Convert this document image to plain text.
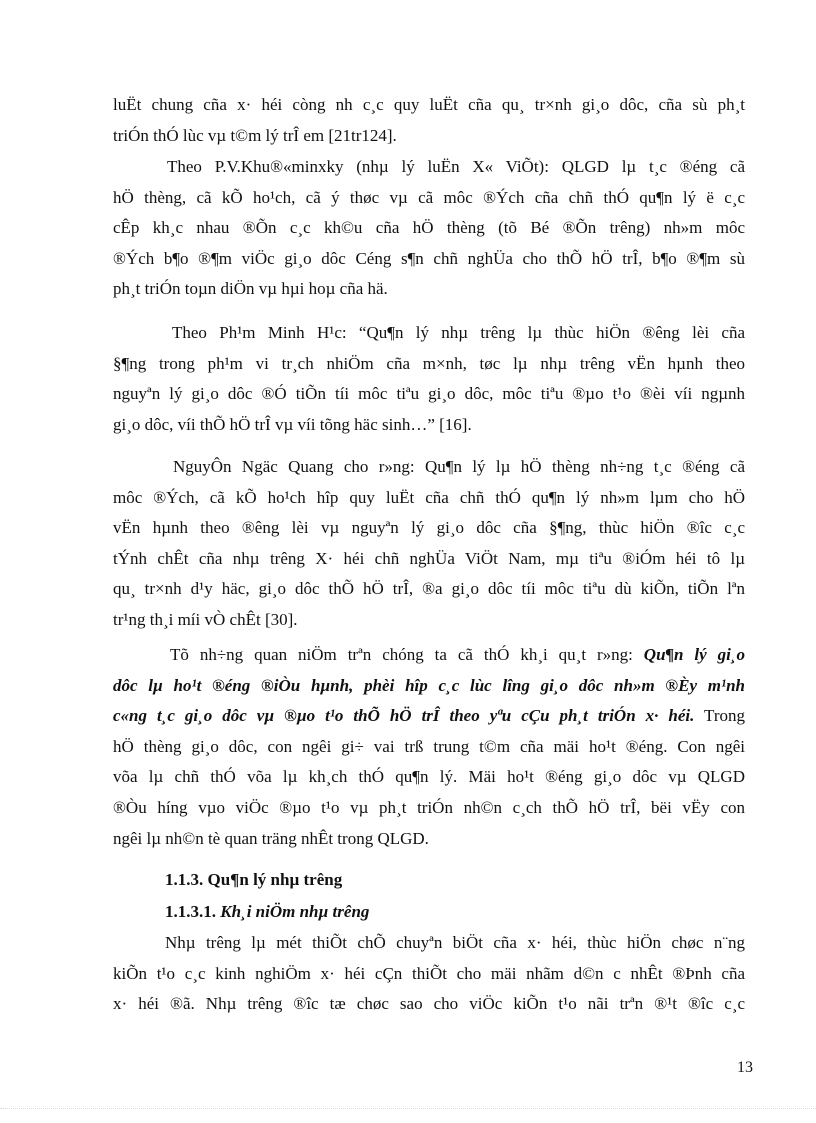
luËt chung cña x· héi còng nh c¸c quy luËt cña qu¸ tr×nh gi¸o dôc, cña sù ph¸t
triÓn thÓ lùc vµ t©m lý trÎ em [21tr124].
Theo P.V.Khu®«minxky (nhµ lý luËn X« ViÕt): QLGD lµ t¸c ®éng cã
hÖ thèng, cã kÕ ho¹ch, cã ý thøc vµ cã môc ®Ých cña chñ thÓ qu¶n lý ë c¸c
cÊp kh¸c nhau ®Õn c¸c kh©u cña hÖ thèng (tõ Bé ®Õn trêng) nh»m môc
®Ých b¶o ®¶m viÖc gi¸o dôc Céng s¶n chñ nghÜa cho thÕ hÖ trÎ, b¶o ®¶m sù
ph¸t triÓn toµn diÖn vµ hµi hoµ cña hä.
Theo Ph¹m Minh H¹c: “Qu¶n lý nhµ trêng lµ thùc hiÖn ®êng lèi cña
§¶ng trong ph¹m vi tr¸ch nhiÖm cña m×nh, tøc lµ nhµ trêng vËn hµnh theo
nguyªn lý gi¸o dôc ®Ó tiÕn tíi môc tiªu gi¸o dôc, môc tiªu ®µo t¹o ®èi víi ngµnh
gi¸o dôc, víi thÕ hÖ trÎ vµ víi tõng häc sinh…” [16].
NguyÔn Ngäc Quang cho r»ng: Qu¶n lý lµ hÖ thèng nh÷ng t¸c ®éng cã
môc ®Ých, cã kÕ ho¹ch hîp quy luËt cña chñ thÓ qu¶n lý nh»m lµm cho hÖ
vËn hµnh theo ®êng lèi vµ nguyªn lý gi¸o dôc cña §¶ng, thùc hiÖn ®îc c¸c
tÝnh chÊt cña nhµ trêng X· héi chñ nghÜa ViÖt Nam, mµ tiªu ®iÓm héi tô lµ
qu¸ tr×nh d¹y häc, gi¸o dôc thÕ hÖ trÎ, ®a gi¸o dôc tíi môc tiªu dù kiÕn, tiÕn lªn
tr¹ng th¸i míi vÒ chÊt [30].
Tõ nh÷ng quan niÖm trªn chóng ta cã thÓ kh¸i qu¸t r»ng: Qu¶n lý gi¸o
dôc lµ ho¹t ®éng ®iÒu hµnh, phèi hîp c¸c lùc lîng gi¸o dôc nh»m ®Èy m¹nh
c«ng t¸c gi¸o dôc vµ ®µo t¹o thÕ hÖ trÎ theo yªu cÇu ph¸t triÓn x· héi. Trong
hÖ thèng gi¸o dôc, con ngêi gi÷ vai trß trung t©m cña mäi ho¹t ®éng. Con ngêi
võa lµ chñ thÓ võa lµ kh¸ch thÓ qu¶n lý. Mäi ho¹t ®éng gi¸o dôc vµ QLGD
®Òu híng vµo viÖc ®µo t¹o vµ ph¸t triÓn nh©n c¸ch thÕ hÖ trÎ, bëi vËy con
ngêi lµ nh©n tè quan träng nhÊt trong QLGD.
1.1.3. Qu¶n lý nhµ trêng
1.1.3.1. Kh¸i niÖm nhµ trêng
Nhµ trêng lµ mét thiÕt chÕ chuyªn biÖt cña x· héi, thùc hiÖn chøc n¨ng
kiÕn t¹o c¸c kinh nghiÖm x· héi cÇn thiÕt cho mäi nhãm d©n c nhÊt ®Þnh cña
x· héi ®ã. Nhµ trêng ®îc tæ chøc sao cho viÖc kiÕn t¹o nãi trªn ®¹t ®îc c¸c
13
